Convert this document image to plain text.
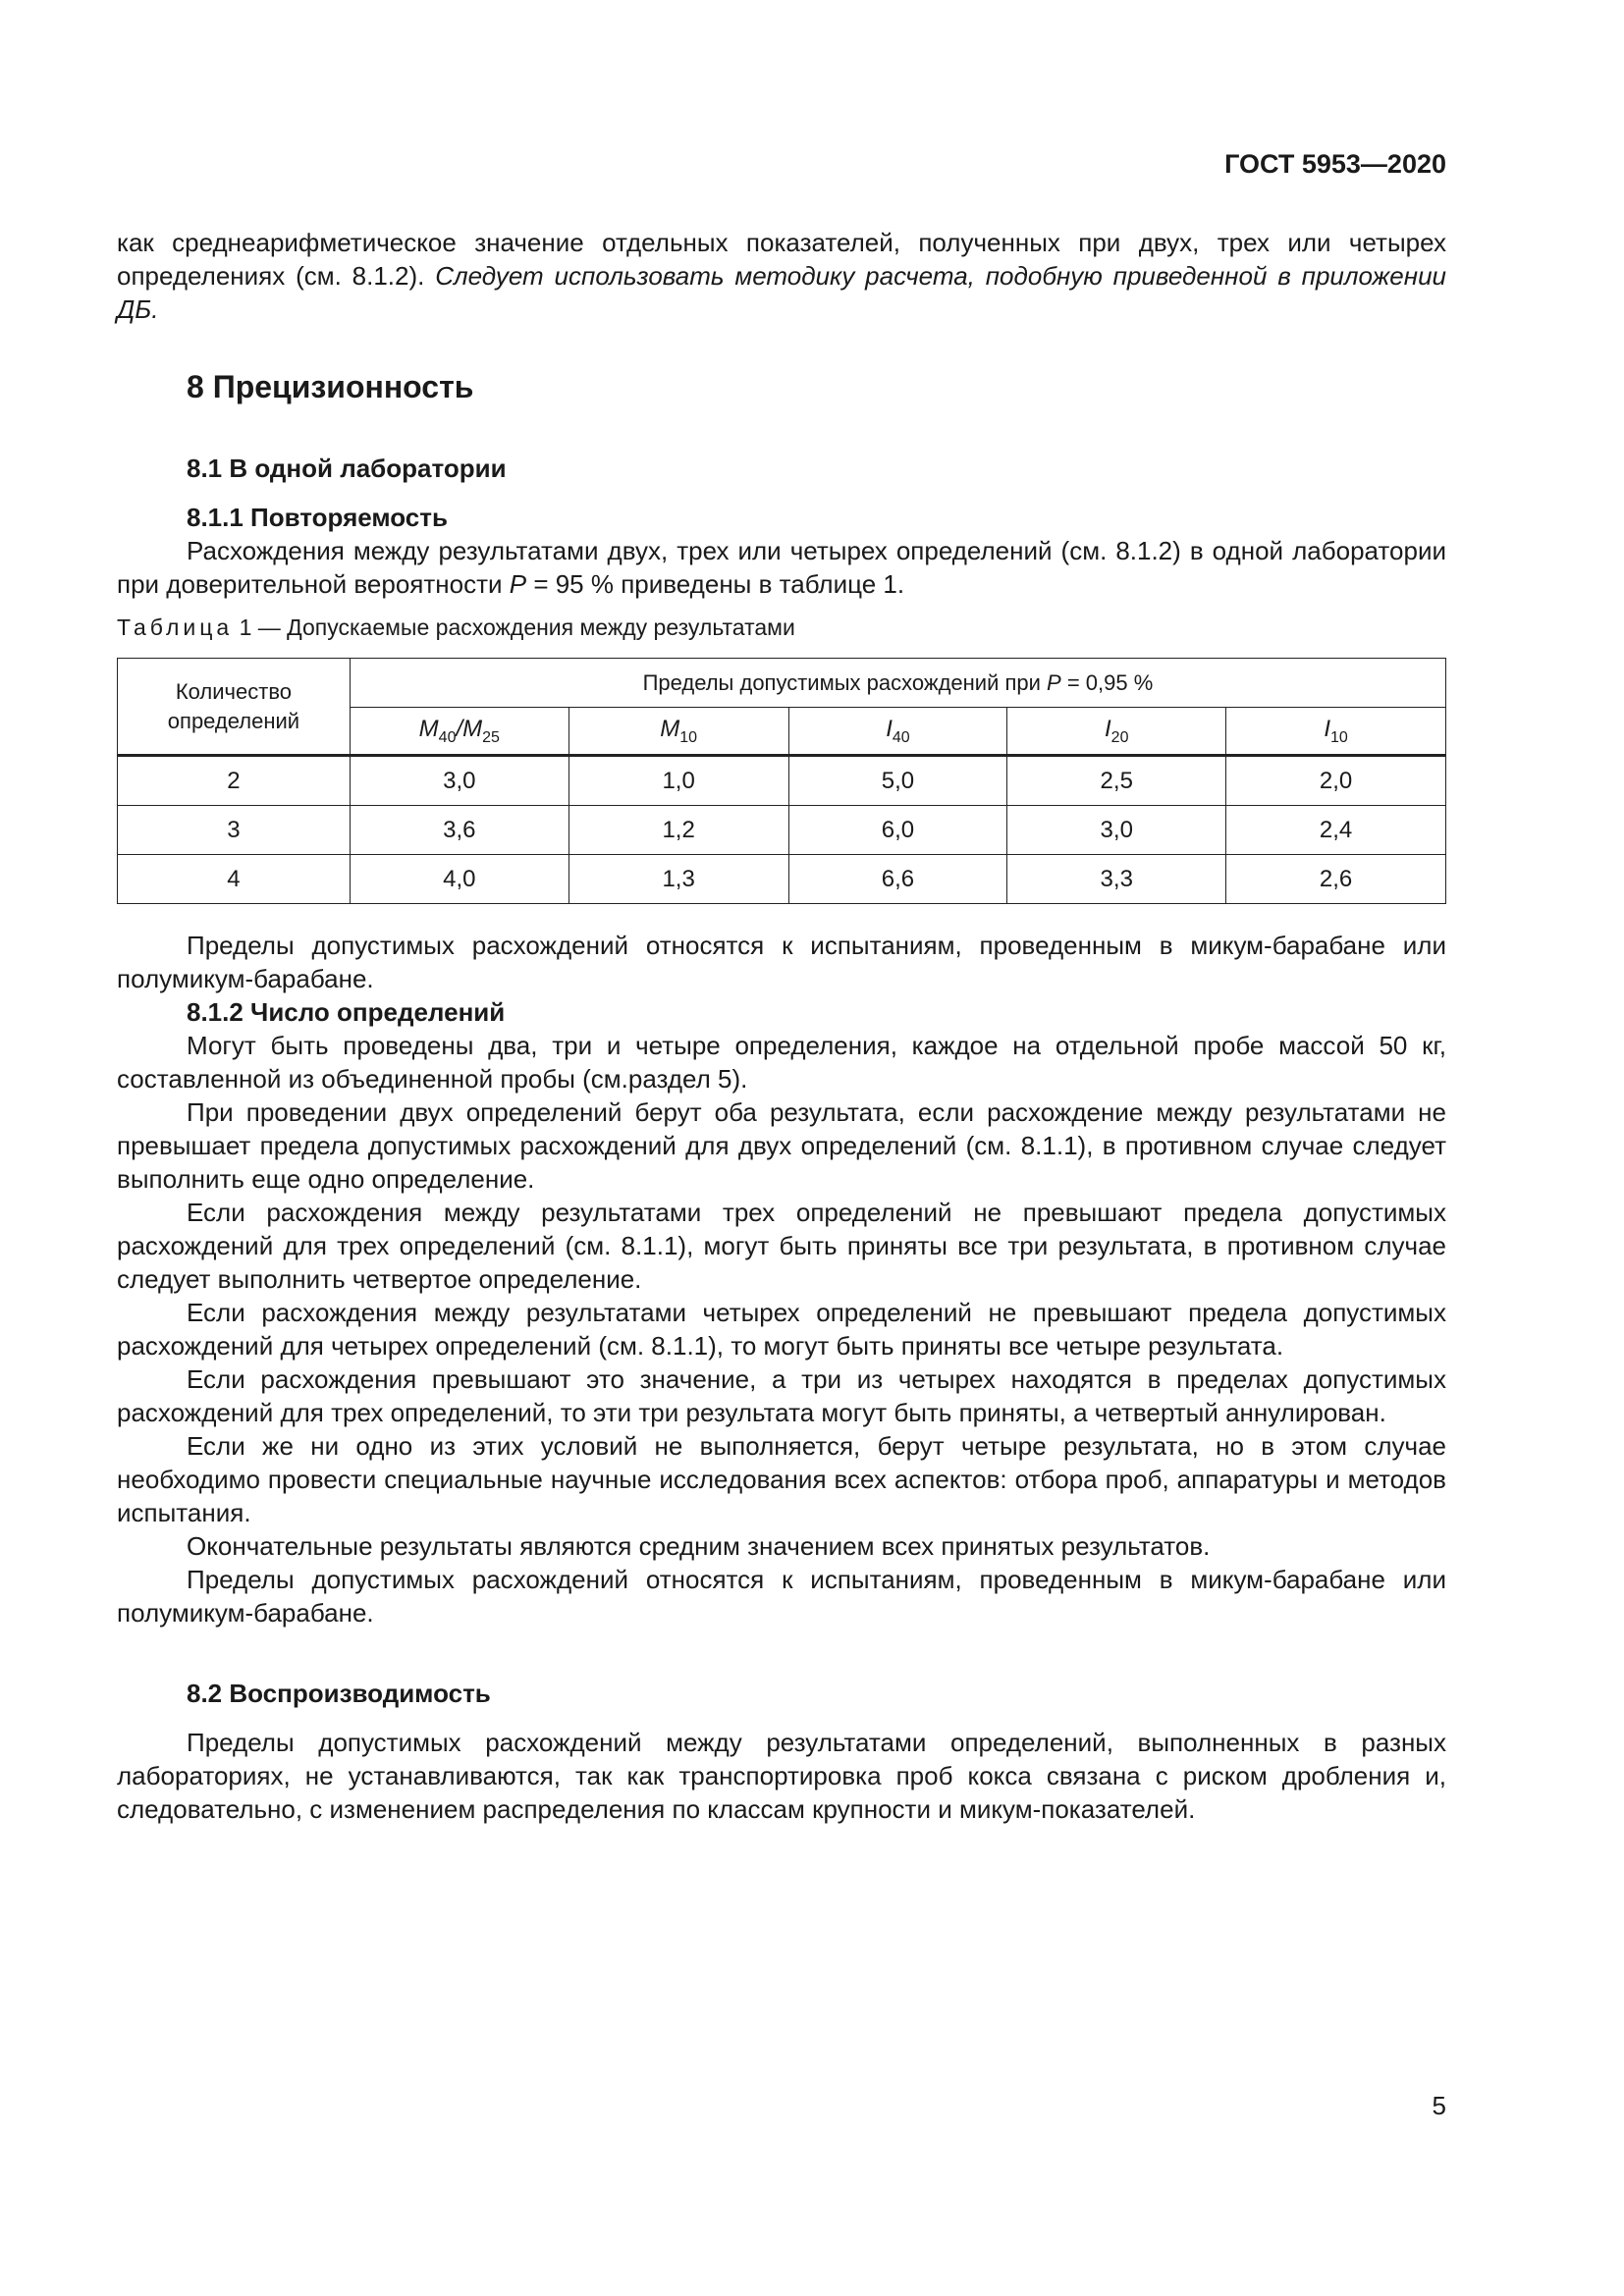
ГОСТ 5953—2020

как среднеарифметическое значение отдельных показателей, полученных при двух, трех или четырех определениях (см. 8.1.2). Следует использовать методику расчета, подобную приведенной в приложении ДБ.

8 Прецизионность

8.1 В одной лаборатории

8.1.1 Повторяемость

Расхождения между результатами двух, трех или четырех определений (см. 8.1.2) в одной лаборатории при доверительной вероятности P = 95 % приведены в таблице 1.

Таблица 1 — Допускаемые расхождения между результатами
Количество определений	Пределы допустимых расхождений при P = 0,95 %				
	$M_{40}/M_{25}$	$M_{10}$	$I_{40}$	$I_{20}$	$I_{10}$
2	3,0	1,0	5,0	2,5	2,0
3	3,6	1,2	6,0	3,0	2,4
4	4,0	1,3	6,6	3,3	2,6

Пределы допустимых расхождений относятся к испытаниям, проведенным в микум-барабане или полумикум-барабане.

8.1.2 Число определений

Могут быть проведены два, три и четыре определения, каждое на отдельной пробе массой 50 кг, составленной из объединенной пробы (см.раздел 5).

При проведении двух определений берут оба результата, если расхождение между результатами не превышает предела допустимых расхождений для двух определений (см. 8.1.1), в противном случае следует выполнить еще одно определение.

Если расхождения между результатами трех определений не превышают предела допустимых расхождений для трех определений (см. 8.1.1), могут быть приняты все три результата, в противном случае следует выполнить четвертое определение.

Если расхождения между результатами четырех определений не превышают предела допустимых расхождений для четырех определений (см. 8.1.1), то могут быть приняты все четыре результата.

Если расхождения превышают это значение, а три из четырех находятся в пределах допустимых расхождений для трех определений, то эти три результата могут быть приняты, а четвертый аннулирован.

Если же ни одно из этих условий не выполняется, берут четыре результата, но в этом случае необходимо провести специальные научные исследования всех аспектов: отбора проб, аппаратуры и методов испытания.

Окончательные результаты являются средним значением всех принятых результатов.

Пределы допустимых расхождений относятся к испытаниям, проведенным в микум-барабане или полумикум-барабане.

8.2 Воспроизводимость

Пределы допустимых расхождений между результатами определений, выполненных в разных лабораториях, не устанавливаются, так как транспортировка проб кокса связана с риском дробления и, следовательно, с изменением распределения по классам крупности и микум-показателей.

5
